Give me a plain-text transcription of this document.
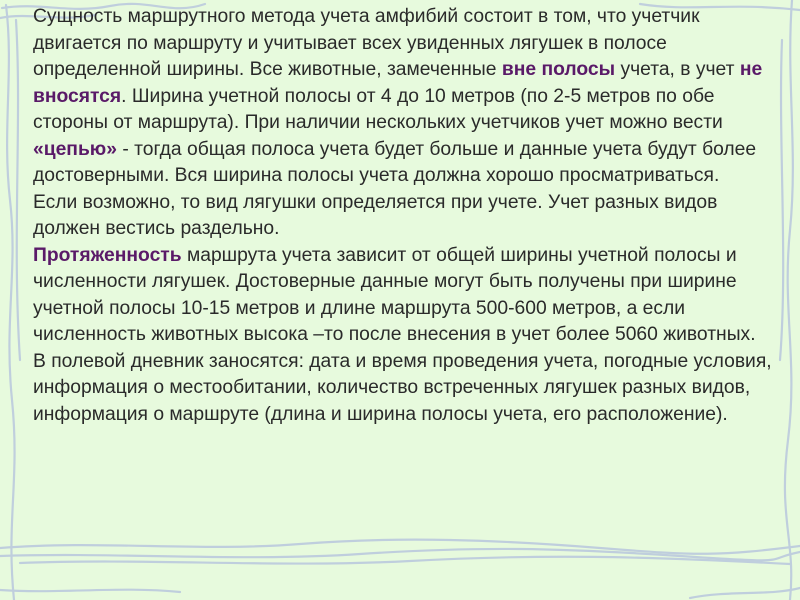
Сущность маршрутного метода учета амфибий состоит в том, что учетчик двигается по маршруту и учитывает всех увиденных лягушек в полосе определенной ширины. Все животные, замеченные вне полосы учета, в учет не вносятся. Ширина учетной полосы от 4 до 10 метров (по 2-5 метров по обе стороны от маршрута). При наличии нескольких учетчиков учет можно вести «цепью» - тогда общая полоса учета будет больше и данные учета будут более достоверными. Вся ширина полосы учета должна хорошо просматриваться.

Если возможно, то вид лягушки определяется при учете. Учет разных видов должен вестись раздельно.

Протяженность маршрута учета зависит от общей ширины учетной полосы и численности лягушек. Достоверные данные могут быть получены при ширине учетной полосы 10-15 метров и длине маршрута 500-600 метров, а если численность животных высока –то после внесения в учет более 5060 животных.

В полевой дневник заносятся: дата и время проведения учета, погодные условия, информация о местообитании, количество встреченных лягушек разных видов, информация о маршруте (длина и ширина полосы учета, его расположение).
